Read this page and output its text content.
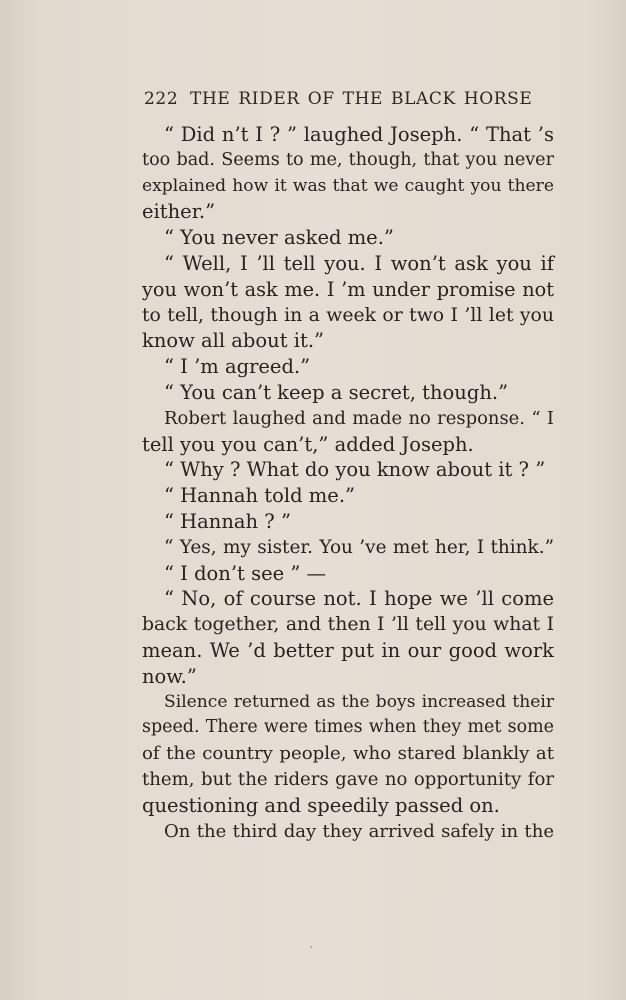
222 THE RIDER OF THE BLACK HORSE
“ Did n’t I ? ” laughed Joseph. “ That ’s
too bad. Seems to me, though, that you never
explained how it was that we caught you there
either.”
“ You never asked me.”
“ Well, I ’ll tell you. I won’t ask you if
you won’t ask me. I ’m under promise not
to tell, though in a week or two I ’ll let you
know all about it.”
“ I ’m agreed.”
“ You can’t keep a secret, though.”
Robert laughed and made no response. “ I
tell you you can’t,” added Joseph.
“ Why ? What do you know about it ? ”
“ Hannah told me.”
“ Hannah ? ”
“ Yes, my sister. You ’ve met her, I think.”
“ I don’t see ” —
“ No, of course not. I hope we ’ll come
back together, and then I ’ll tell you what I
mean. We ’d better put in our good work
now.”
Silence returned as the boys increased their
speed. There were times when they met some
of the country people, who stared blankly at
them, but the riders gave no opportunity for
questioning and speedily passed on.
On the third day they arrived safely in the
